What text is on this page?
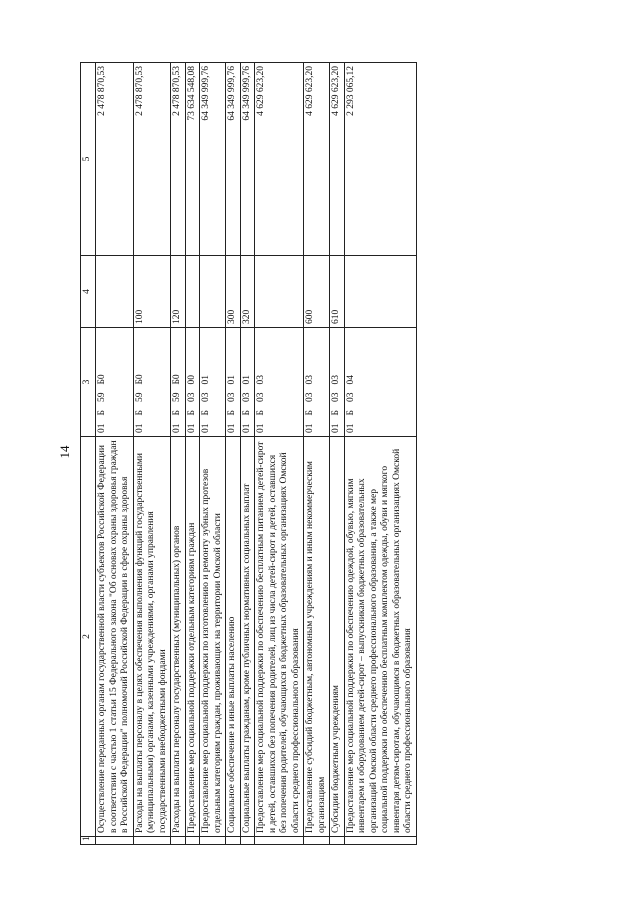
14
1	2	3	4	5
	Осуществление переданных органам государственной власти субъектов Российской Федерации в соответствии с частью 1 статьи 15 Федерального закона "Об основах охраны здоровья граждан в Российской Федерации" полномочий Российской Федерации в сфере охраны здоровья	01Б59Б0		2 478 870,53
	Расходы на выплаты персоналу в целях обеспечения выполнения функций государственными (муниципальными) органами, казенными учреждениями, органами управления государственными внебюджетными фондами	01Б59Б0	100	2 478 870,53
	Расходы на выплаты персоналу государственных (муниципальных) органов	01Б59Б0	120	2 478 870,53
	Предоставление мер социальной поддержки отдельным категориям граждан	01Б0300		73 634 548,08
	Предоставление мер социальной поддержки по изготовлению и ремонту зубных протезов отдельным категориям граждан, проживающих на территории Омской области	01Б0301		64 349 999,76
	Социальное обеспечение и иные выплаты населению	01Б0301	300	64 349 999,76
	Социальные выплаты гражданам, кроме публичных нормативных социальных выплат	01Б0301	320	64 349 999,76
	Предоставление мер социальной поддержки по обеспечению бесплатным питанием детей-сирот и детей, оставшихся без попечения родителей, лиц из числа детей-сирот и детей, оставшихся без попечения родителей, обучающихся в бюджетных образовательных организациях Омской области среднего профессионального образования	01Б0303		4 629 623,20
	Предоставление субсидий бюджетным, автономным учреждениям и иным некоммерческим организациям	01Б0303	600	4 629 623,20
	Субсидии бюджетным учреждениям	01Б0303	610	4 629 623,20
	Предоставление мер социальной поддержки по обеспечению одеждой, обувью, мягким инвентарем и оборудованием детей-сирот – выпускникам бюджетных образовательных организаций Омской области среднего профессионального образования, а также мер социальной поддержки по обеспечению бесплатным комплектом одежды, обуви и мягкого инвентаря детям-сиротам, обучающимся в бюджетных образовательных организациях Омской области среднего профессионального образования	01Б0304		2 293 065,12
